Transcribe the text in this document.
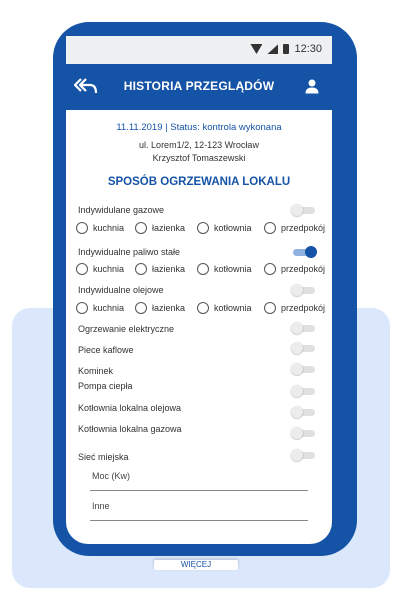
12:30
HISTORIA PRZEGLĄDÓW
11.11.2019 | Status: kontrola wykonana
ul. Lorem1/2, 12-123 Wrocław
Krzysztof Tomaszewski
SPOSÓB OGRZEWANIA LOKALU
Indywidulane gazowe
kuchnia	łazienka	kotłownia	przedpokój
Indywidualne paliwo stałe
kuchnia	łazienka	kotłownia	przedpokój
Indywidualne olejowe
kuchnia	łazienka	kotłownia	przedpokój
Ogrzewanie elektryczne
Piece kaflowe
Kominek
Pompa ciepła
Kotłownia lokalna olejowa
Kotłownia lokalna gazowa
Sieć miejska
Moc (Kw)
Inne
WIĘCEJ
